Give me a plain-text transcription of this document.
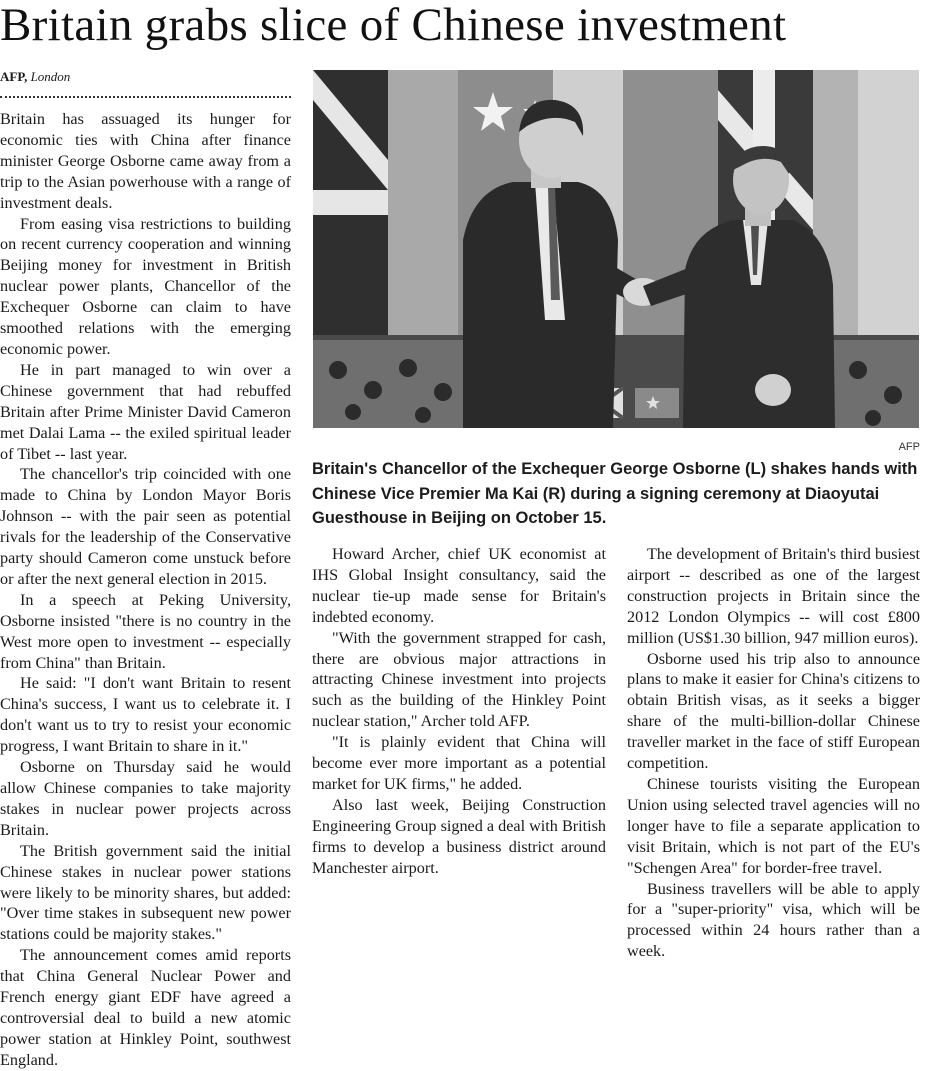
Britain grabs slice of Chinese investment
AFP, London
AFP

Britain's Chancellor of the Exchequer George Osborne (L) shakes hands with Chinese Vice Premier Ma Kai (R) during a signing ceremony at Diaoyutai Guesthouse in Beijing on October 15.

Britain has assuaged its hunger for economic ties with China after finance minister George Osborne came away from a trip to the Asian powerhouse with a range of investment deals.

From easing visa restrictions to building on recent currency cooperation and winning Beijing money for investment in British nuclear power plants, Chancellor of the Exchequer Osborne can claim to have smoothed relations with the emerging economic power.

He in part managed to win over a Chinese government that had rebuffed Britain after Prime Minister David Cameron met Dalai Lama -- the exiled spiritual leader of Tibet -- last year.

The chancellor's trip coincided with one made to China by London Mayor Boris Johnson -- with the pair seen as potential rivals for the leadership of the Conservative party should Cameron come unstuck before or after the next general election in 2015.

In a speech at Peking University, Osborne insisted "there is no country in the West more open to investment -- especially from China" than Britain.

He said: "I don't want Britain to resent China's success, I want us to celebrate it. I don't want us to try to resist your economic progress, I want Britain to share in it."

Osborne on Thursday said he would allow Chinese companies to take majority stakes in nuclear power projects across Britain.

The British government said the initial Chinese stakes in nuclear power stations were likely to be minority shares, but added: "Over time stakes in subsequent new power stations could be majority stakes."

The announcement comes amid reports that China General Nuclear Power and French energy giant EDF have agreed a controversial deal to build a new atomic power station at Hinkley Point, southwest England.

Howard Archer, chief UK economist at IHS Global Insight consultancy, said the nuclear tie-up made sense for Britain's indebted economy.

"With the government strapped for cash, there are obvious major attractions in attracting Chinese investment into projects such as the building of the Hinkley Point nuclear station," Archer told AFP.

"It is plainly evident that China will become ever more important as a potential market for UK firms," he added.

Also last week, Beijing Construction Engineering Group signed a deal with British firms to develop a business district around Manchester airport.

The development of Britain's third busiest airport -- described as one of the largest construction projects in Britain since the 2012 London Olympics -- will cost £800 million (US$1.30 billion, 947 million euros).

Osborne used his trip also to announce plans to make it easier for China's citizens to obtain British visas, as it seeks a bigger share of the multi-billion-dollar Chinese traveller market in the face of stiff European competition.

Chinese tourists visiting the European Union using selected travel agencies will no longer have to file a separate application to visit Britain, which is not part of the EU's "Schengen Area" for border-free travel.

Business travellers will be able to apply for a "super-priority" visa, which will be processed within 24 hours rather than a week.
